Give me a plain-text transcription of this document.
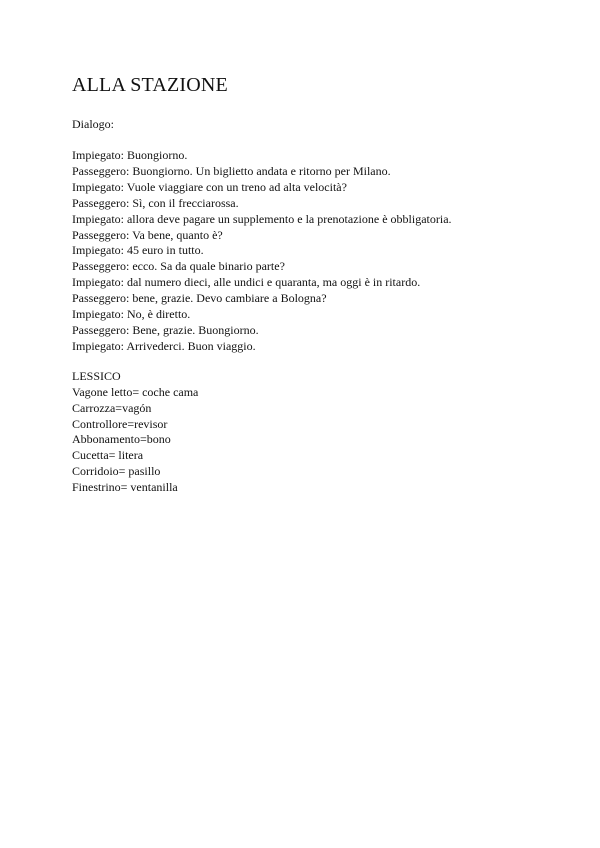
ALLA STAZIONE
Dialogo:
Impiegato: Buongiorno.
Passeggero: Buongiorno. Un biglietto andata e ritorno per Milano.
Impiegato: Vuole viaggiare con un treno ad alta velocità?
Passeggero: Sì, con il frecciarossa.
Impiegato: allora deve pagare un supplemento e la prenotazione è obbligatoria.
Passeggero: Va bene, quanto è?
Impiegato: 45 euro in tutto.
Passeggero: ecco. Sa da quale binario parte?
Impiegato: dal numero dieci, alle undici e quaranta, ma oggi è in ritardo.
Passeggero: bene, grazie. Devo cambiare a Bologna?
Impiegato: No, è diretto.
Passeggero: Bene, grazie. Buongiorno.
Impiegato: Arrivederci. Buon viaggio.
LESSICO
Vagone letto= coche cama
Carrozza=vagón
Controllore=revisor
Abbonamento=bono
Cucetta= litera
Corridoio= pasillo
Finestrino= ventanilla
